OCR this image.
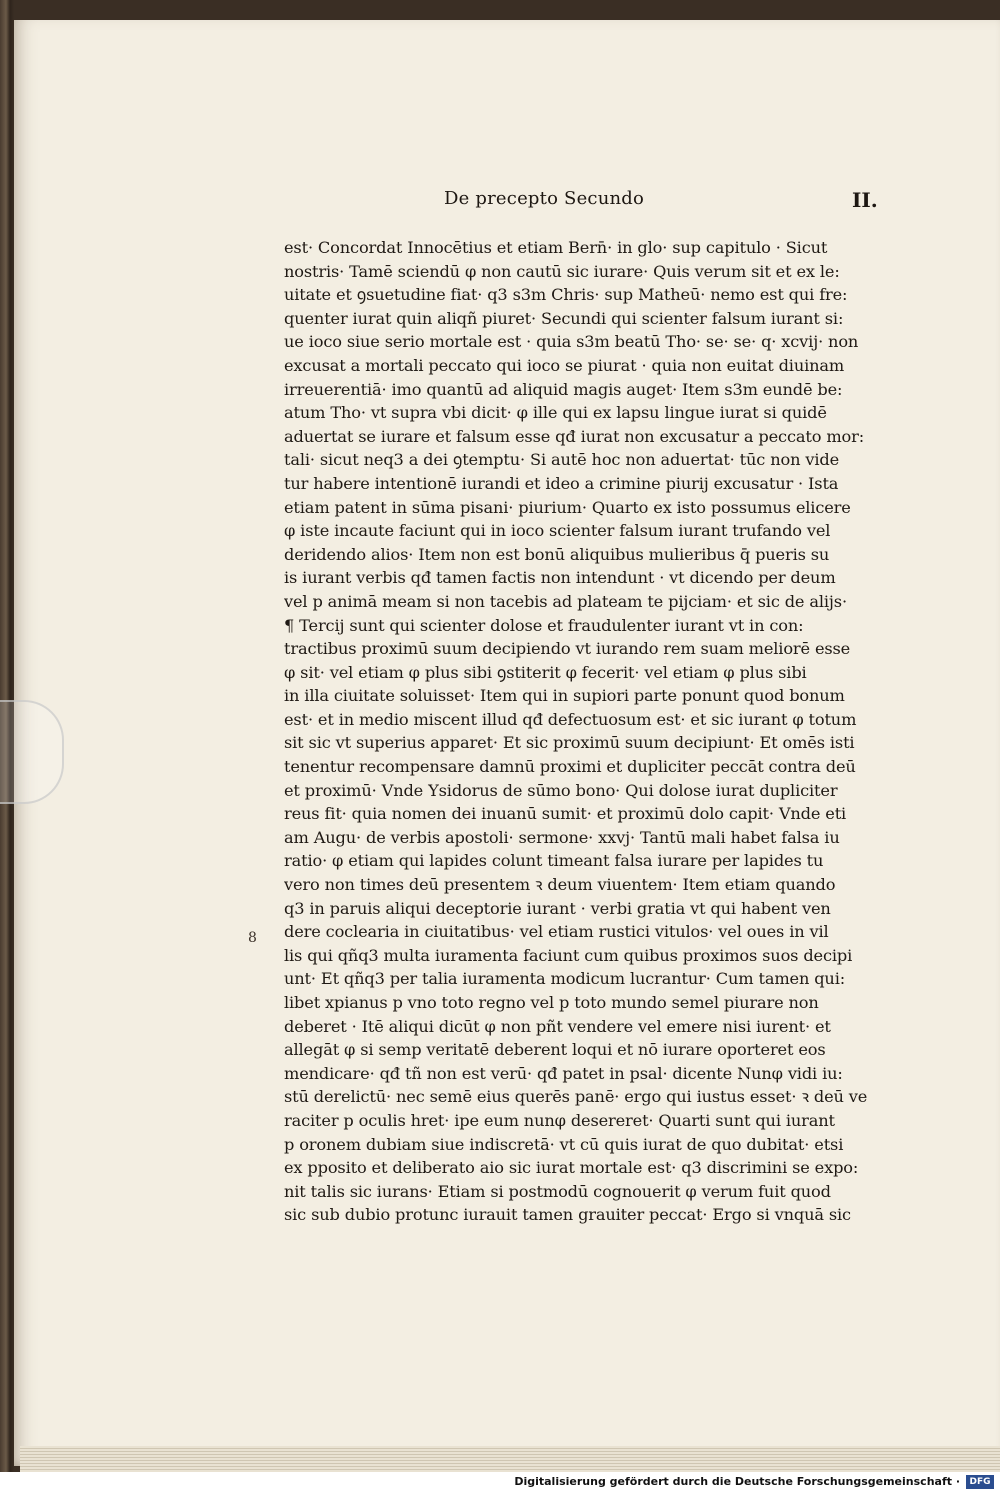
De precepto Secundo	II.
8
est· Concordat Innocētius et etiam Bern̄· in glo· sup capitulo · Sicut
nostris· Tamē sciendū φ non cautū sic iurare· Quis verum sit et ex le:
uitate et ꝯsuetudine fiat· q3 s3m Chris· sup Matheū· nemo est qui fre:
quenter iurat quin aliqñ piuret· Secundi qui scienter falsum iurant si:
ue ioco siue serio mortale est · quia s3m beatū Tho· se· se· q· xcvij· non
excusat a mortali peccato qui ioco se piurat · quia non euitat diuinam
irreuerentiā· imo quantū ad aliquid magis auget· Item s3m eundē be:
atum Tho· vt supra vbi dicit· φ ille qui ex lapsu lingue iurat si quidē
aduertat se iurare et falsum esse qđ iurat non excusatur a peccato mor:
tali· sicut neq3 a dei ꝯtemptu· Si autē hoc non aduertat· tūc non vide
tur habere intentionē iurandi et ideo a crimine piurij excusatur · Ista
etiam patent in sūma pisani· piurium· Quarto ex isto possumus elicere
φ iste incaute faciunt qui in ioco scienter falsum iurant trufando vel
deridendo alios· Item non est bonū aliquibus mulieribus q̄ pueris su
is iurant verbis qđ tamen factis non intendunt · vt dicendo per deum
vel p animā meam si non tacebis ad plateam te pijciam· et sic de alijs·
¶ Tercij sunt qui scienter dolose et fraudulenter iurant vt in con:
tractibus proximū suum decipiendo vt iurando rem suam meliorē esse
φ sit· vel etiam φ plus sibi ꝯstiterit φ fecerit· vel etiam φ plus sibi
in illa ciuitate soluisset· Item qui in supiori parte ponunt quod bonum
est· et in medio miscent illud qđ defectuosum est· et sic iurant φ totum
sit sic vt superius apparet· Et sic proximū suum decipiunt· Et omēs isti
tenentur recompensare damnū proximi et dupliciter peccāt contra deū
et proximū· Vnde Ysidorus de sūmo bono· Qui dolose iurat dupliciter
reus fit· quia nomen dei inuanū sumit· et proximū dolo capit· Vnde eti
am Augu· de verbis apostoli· sermone· xxvj· Tantū mali habet falsa iu
ratio· φ etiam qui lapides colunt timeant falsa iurare per lapides tu
vero non times deū presentem ꝛ deum viuentem· Item etiam quando
q3 in paruis aliqui deceptorie iurant · verbi gratia vt qui habent ven
dere coclearia in ciuitatibus· vel etiam rustici vitulos· vel oues in vil
lis qui qñq3 multa iuramenta faciunt cum quibus proximos suos decipi
unt· Et qñq3 per talia iuramenta modicum lucrantur· Cum tamen qui:
libet xpianus p vno toto regno vel p toto mundo semel piurare non
deberet · Itē aliqui dicūt φ non pñt vendere vel emere nisi iurent· et
allegāt φ si semp veritatē deberent loqui et nō iurare oporteret eos
mendicare· qđ tñ non est verū· qđ patet in psal· dicente Nunφ vidi iu:
stū derelictū· nec semē eius querēs panē· ergo qui iustus esset· ꝛ deū ve
raciter p oculis hret· ipe eum nunφ desereret· Quarti sunt qui iurant
p oronem dubiam siue indiscretā· vt cū quis iurat de quo dubitat· etsi
ex pposito et deliberato aio sic iurat mortale est· q3 discrimini se expo:
nit talis sic iurans· Etiam si postmodū cognouerit φ verum fuit quod
sic sub dubio protunc iurauit tamen grauiter peccat· Ergo si vnquā sic
Digitalisierung gefördert durch die Deutsche Forschungsgemeinschaft ·	DFG
